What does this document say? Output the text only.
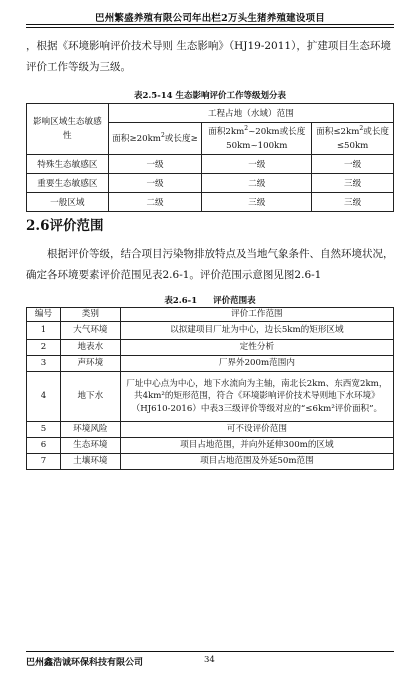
巴州繁盛养殖有限公司年出栏2万头生猪养殖建设项目

，根据《环境影响评价技术导则 生态影响》（HJ19-2011），扩建项目生态环境评价工作等级为三级。

表2.5-14 生态影响评价工作等级划分表
影响区域生态敏感性	工程占地（水域）范围		
	面积$\ge 20km^2$或长度≥	面积$2km^2\sim 20km$或长度50km~100km	面积$\le 2km^2$或长度≤50km
特殊生态敏感区	一级	一级	一级
重要生态敏感区	一级	二级	三级
一般区域	二级	三级	三级
2.6评价范围

根据评价等级，结合项目污染物排放特点及当地气象条件、自然环境状况，确定各环境要素评价范围见表2.6-1。评价范围示意图见图2.6-1

表2.6-1 评价范围表
编号	类别	评价工作范围
1	大气环境	以拟建项目厂址为中心，边长5km的矩形区域
2	地表水	定性分析
3	声环境	厂界外200m范围内
4	地下水	厂址中心点为中心，地下水流向为主轴，南北长2km、东西宽2km，共4km²的矩形范围，符合《环境影响评价技术导则地下水环境》（HJ610-2016）中表3三级评价等级对应的“≤6km²评价面积”。
5	环境风险	可不设评价范围
6	生态环境	项目占地范围，并向外延伸300m的区域
7	土壤环境	项目占地范围及外延50m范围
巴州鑫浩诚环保科技有限公司	34
